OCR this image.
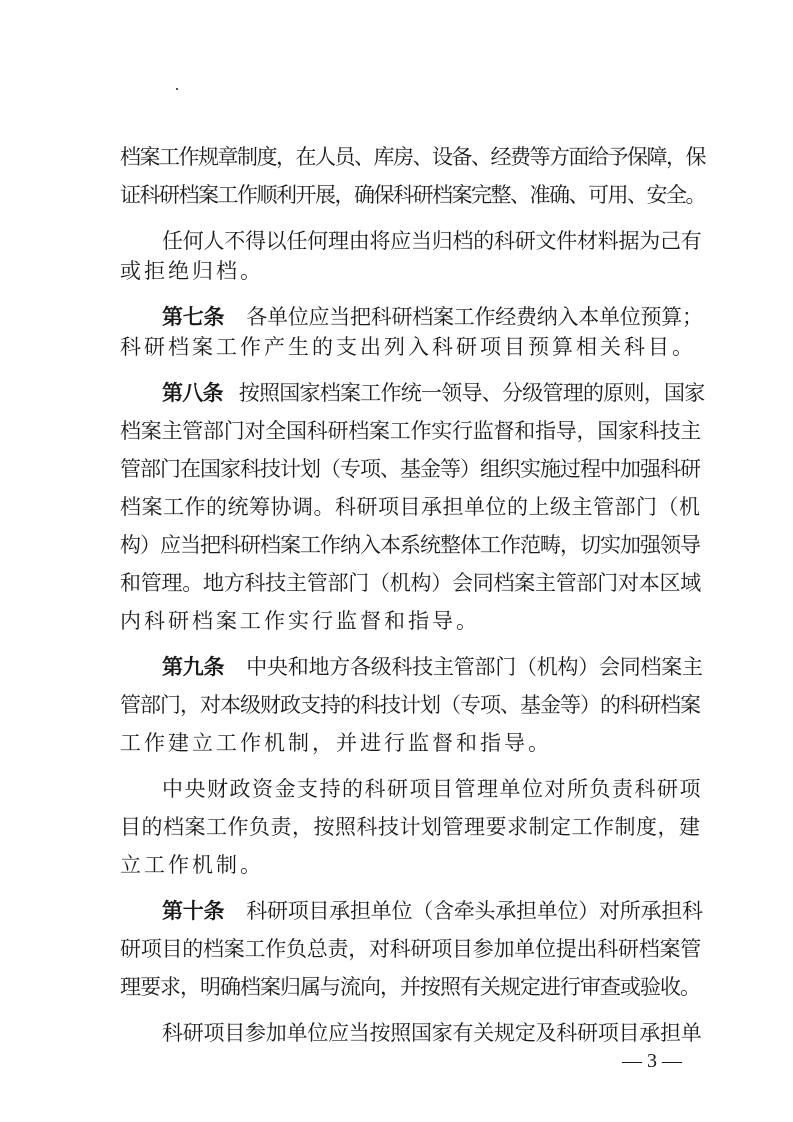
档案工作规章制度，在人员、库房、设备、经费等方面给予保障，保
证科研档案工作顺利开展，确保科研档案完整、准确、可用、安全。
任何人不得以任何理由将应当归档的科研文件材料据为己有
或拒绝归档。
第七条 各单位应当把科研档案工作经费纳入本单位预算；
科研档案工作产生的支出列入科研项目预算相关科目。
第八条 按照国家档案工作统一领导、分级管理的原则，国家
档案主管部门对全国科研档案工作实行监督和指导，国家科技主
管部门在国家科技计划（专项、基金等）组织实施过程中加强科研
档案工作的统筹协调。科研项目承担单位的上级主管部门（机
构）应当把科研档案工作纳入本系统整体工作范畴，切实加强领导
和管理。地方科技主管部门（机构）会同档案主管部门对本区域
内科研档案工作实行监督和指导。
第九条 中央和地方各级科技主管部门（机构）会同档案主
管部门，对本级财政支持的科技计划（专项、基金等）的科研档案
工作建立工作机制，并进行监督和指导。
中央财政资金支持的科研项目管理单位对所负责科研项
目的档案工作负责，按照科技计划管理要求制定工作制度，建
立工作机制。
第十条 科研项目承担单位（含牵头承担单位）对所承担科
研项目的档案工作负总责，对科研项目参加单位提出科研档案管
理要求，明确档案归属与流向，并按照有关规定进行审查或验收。
科研项目参加单位应当按照国家有关规定及科研项目承担单
— 3 —
